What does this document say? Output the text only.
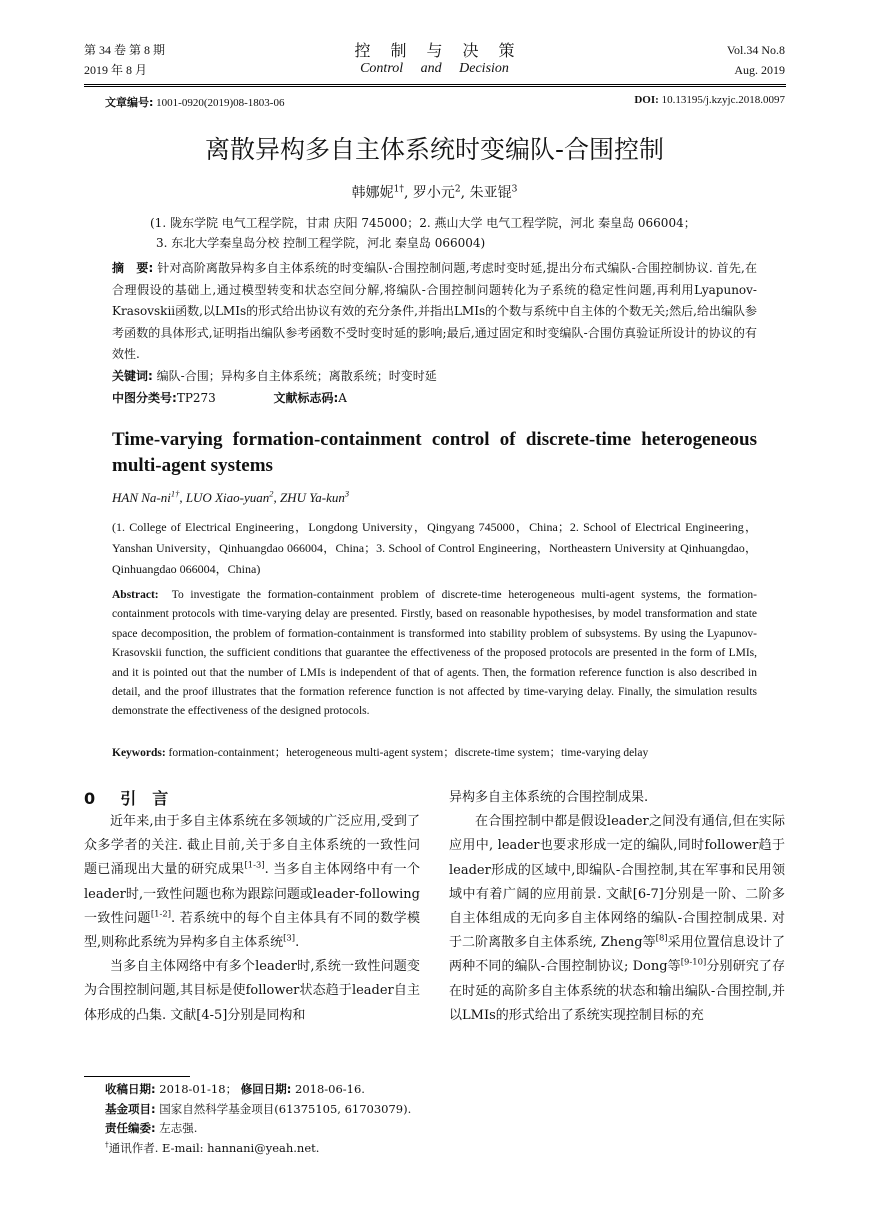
第 34 卷 第 8 期
2019 年 8 月
控制与决策
Control and Decision
Vol.34 No.8
Aug. 2019
文章编号: 1001-0920(2019)08-1803-06	DOI: 10.13195/j.kzyjc.2018.0097
离散异构多自主体系统时变编队-合围控制
韩娜妮$^{1\dagger}$, 罗小元$^2$, 朱亚锟$^3$
(1. 陇东学院 电气工程学院，甘肃 庆阳 745000；2. 燕山大学 电气工程学院，河北 秦皇岛 066004；
3. 东北大学秦皇岛分校 控制工程学院，河北 秦皇岛 066004)
摘　要: 针对高阶离散异构多自主体系统的时变编队-合围控制问题,考虑时变时延,提出分布式编队-合围控制协议. 首先,在合理假设的基础上,通过模型转变和状态空间分解,将编队-合围控制问题转化为子系统的稳定性问题,再利用Lyapunov-Krasovskii函数,以LMIs的形式给出协议有效的充分条件,并指出LMIs的个数与系统中自主体的个数无关;然后,给出编队参考函数的具体形式,证明指出编队参考函数不受时变时延的影响;最后,通过固定和时变编队-合围仿真验证所设计的协议的有效性.
关键词: 编队-合围；异构多自主体系统；离散系统；时变时延
中图分类号:TP273	文献标志码:A
Time-varying formation-containment control of discrete-time heterogeneous multi-agent systems
HAN $Na-ni^{1\dagger}$, LUO Xiao-yuan$^2$, ZHU Ya-kun$^3$
(1. College of Electrical Engineering，Longdong University，Qingyang 745000，China；2. School of Electrical Engineering，Yanshan University，Qinhuangdao 066004，China；3. School of Control Engineering，Northeastern University at Qinhuangdao，Qinhuangdao 066004，China)
Abstract: To investigate the formation-containment problem of discrete-time heterogeneous multi-agent systems, the formation-containment protocols with time-varying delay are presented. Firstly, based on reasonable hypothesises, by model transformation and state space decomposition, the problem of formation-containment is transformed into stability problem of subsystems. By using the Lyapunov-Krasovskii function, the sufficient conditions that guarantee the effectiveness of the proposed protocols are presented in the form of LMIs, and it is pointed out that the number of LMIs is independent of that of agents. Then, the formation reference function is also described in detail, and the proof illustrates that the formation reference function is not affected by time-varying delay. Finally, the simulation results demonstrate the effectiveness of the designed protocols.
Keywords: formation-containment；heterogeneous multi-agent system；discrete-time system；time-varying delay
0 引　言

近年来,由于多自主体系统在多领域的广泛应用,受到了众多学者的关注. 截止目前,关于多自主体系统的一致性问题已涌现出大量的研究成果[1-3]. 当多自主体网络中有一个leader时,一致性问题也称为跟踪问题或leader-following一致性问题[1-2]. 若系统中的每个自主体具有不同的数学模型,则称此系统为异构多自主体系统[3].

当多自主体网络中有多个leader时,系统一致性问题变为合围控制问题,其目标是使follower状态趋于leader自主体形成的凸集. 文献[4-5]分别是同构和

异构多自主体系统的合围控制成果.

在合围控制中都是假设leader之间没有通信,但在实际应用中, leader也要求形成一定的编队,同时follower趋于leader形成的区域中,即编队-合围控制,其在军事和民用领域中有着广阔的应用前景. 文献[6-7]分别是一阶、二阶多自主体组成的无向多自主体网络的编队-合围控制成果. 对于二阶离散多自主体系统, Zheng等[8]采用位置信息设计了两种不同的编队-合围控制协议; Dong等[9-10]分别研究了存在时延的高阶多自主体系统的状态和输出编队-合围控制,并以LMIs的形式给出了系统实现控制目标的充

收稿日期: 2018-01-18； 修回日期: 2018-06-16.
基金项目: 国家自然科学基金项目(61375105, 61703079).
责任编委: 左志强.
†通讯作者. E-mail: hannani@yeah.net.
